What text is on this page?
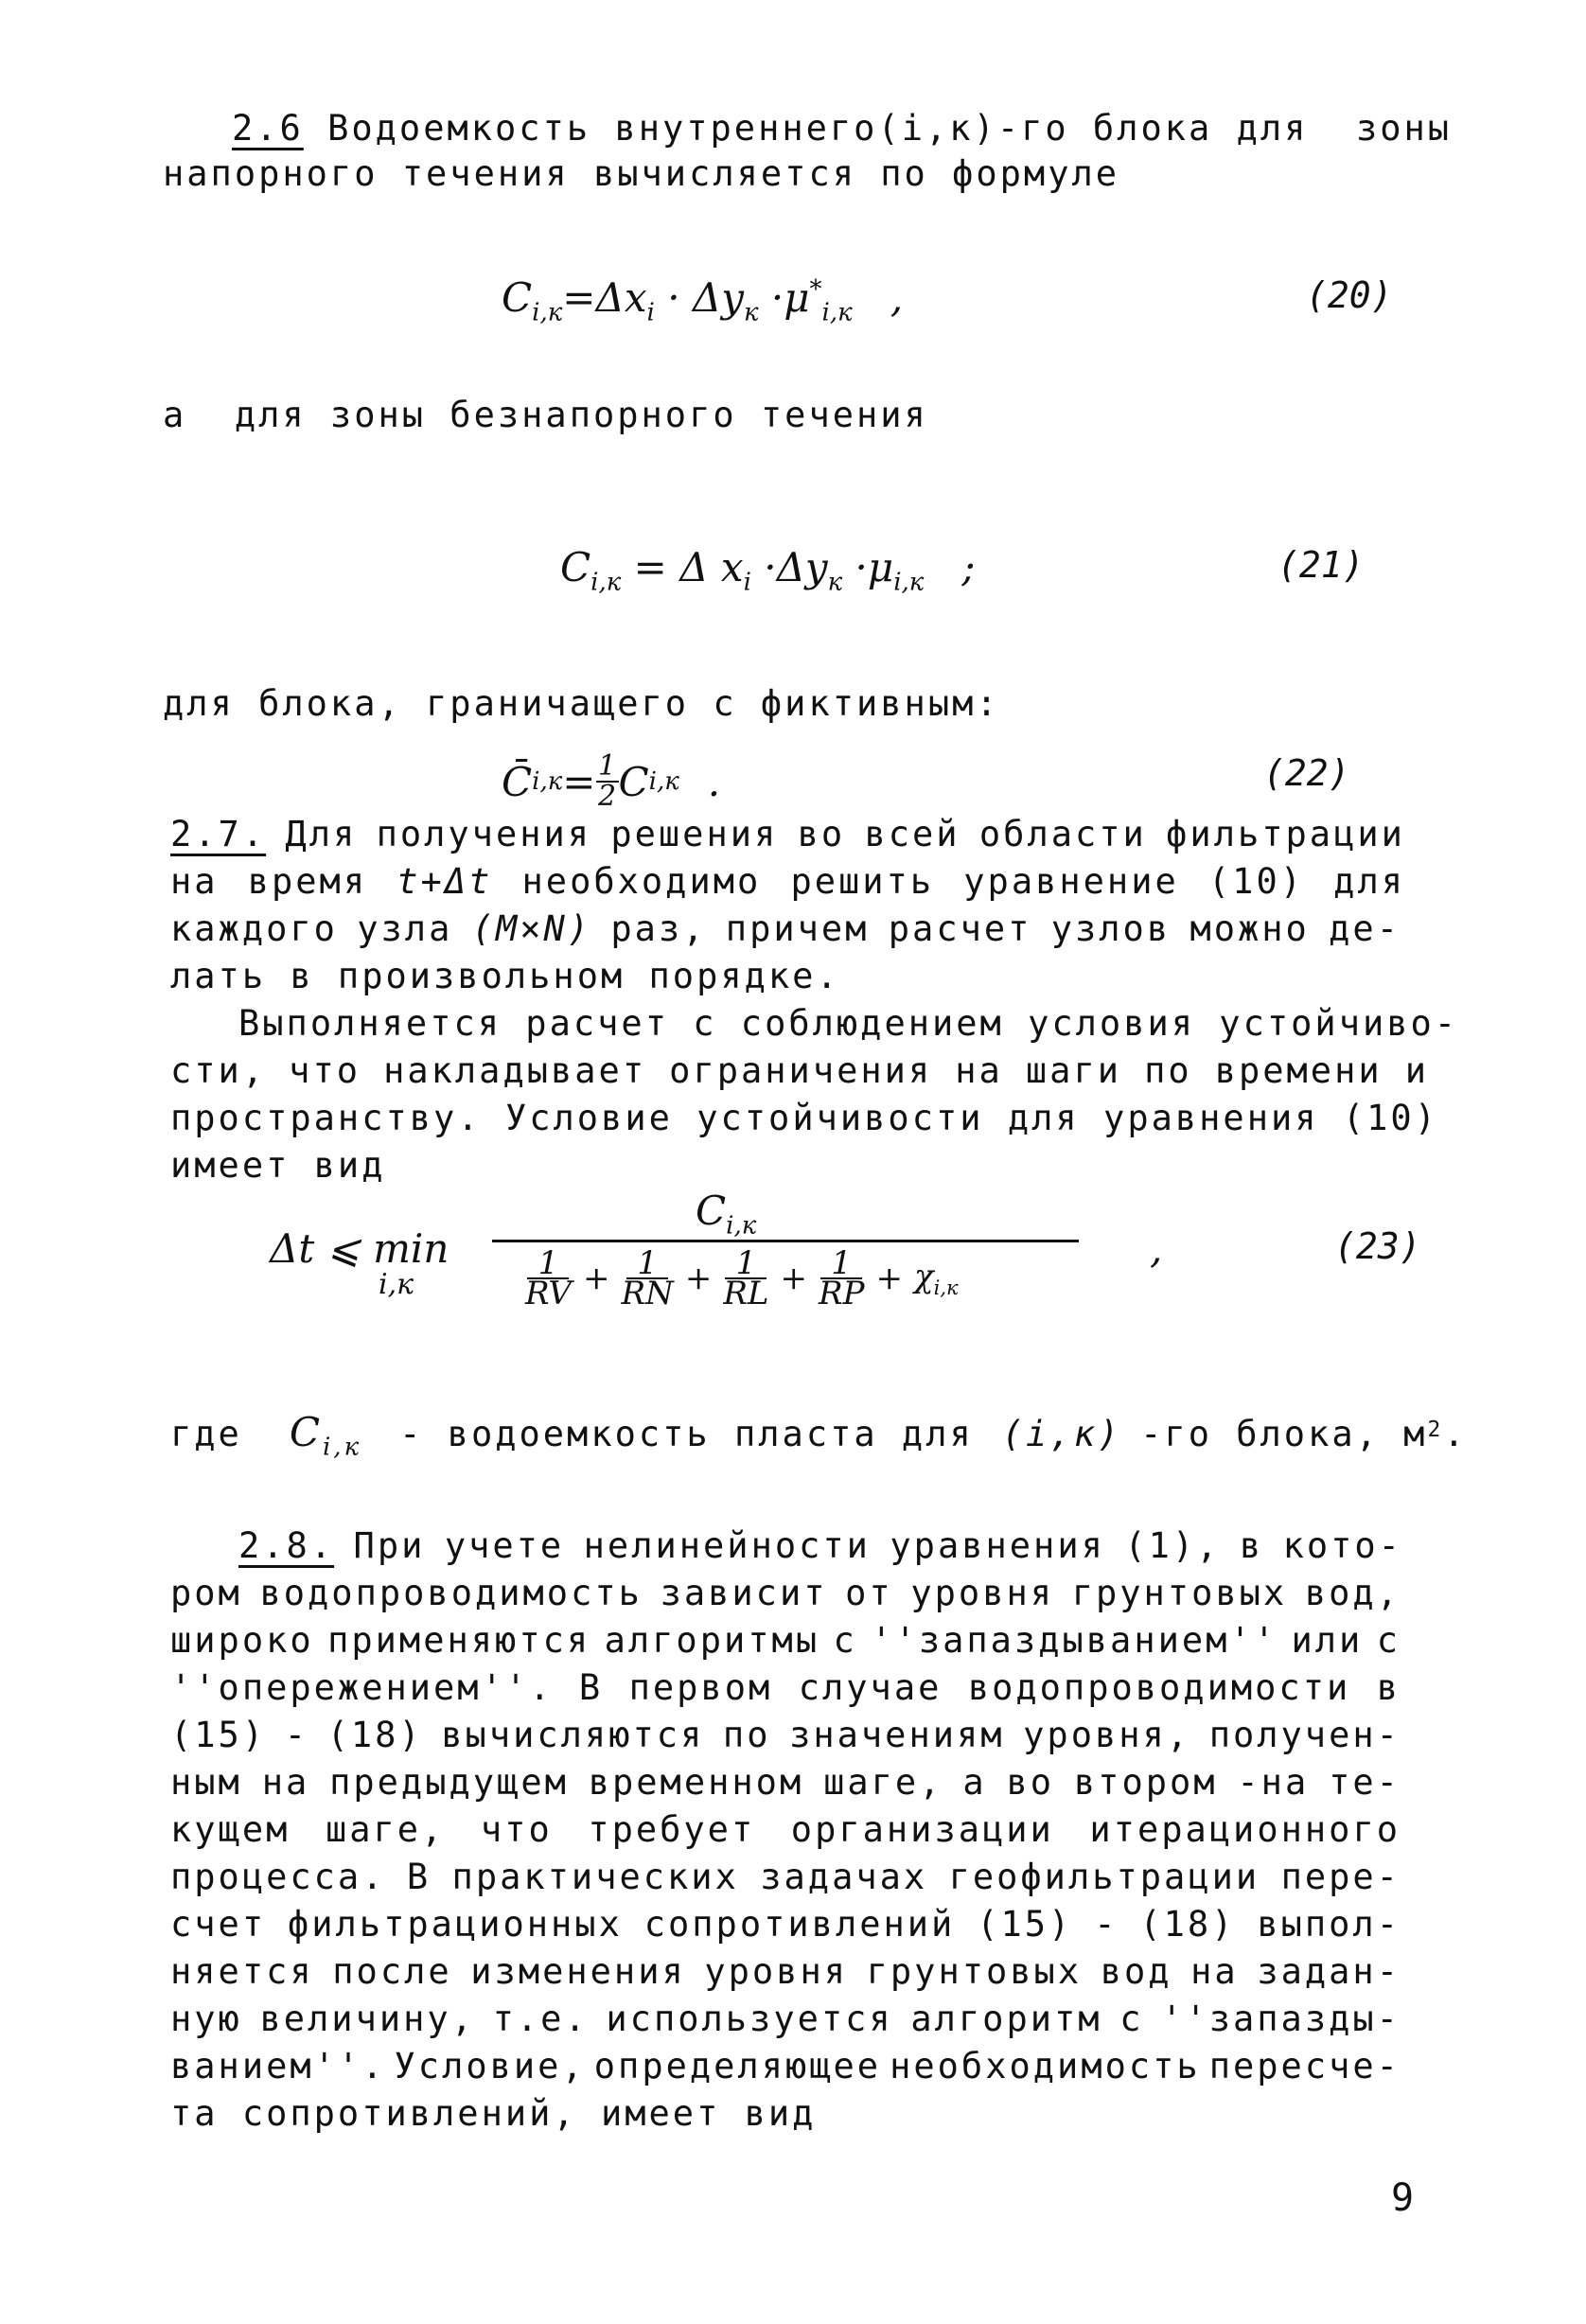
2.6 Водоемкость внутреннего(i,к)-го блока для  зоны
напорного течения вычисляется по формуле
$C_{i,к}=\Delta x_i \cdot \Delta y_к \cdot\mu^*_{i,к}$ ,	(20)
а  для зоны безнапорного течения
$C_{i,к} = \Delta$ $x_i \cdot\Delta y_к \cdot\mu_{i,к}$ ;	(21)
для блока, граничащего с фиктивным:
C̄ i,к = 1
2 C i,к .	(22)
2.7. Для получения решения во всей области фильтрации
на время t+Δt необходимо решить уравнение (10) для
каждого узла (M×N) раз, причем расчет узлов можно де-
лать в произвольном порядке.
Выполняется расчет с соблюдением условия устойчиво-
сти, что накладывает ограничения на шаги по времени и
пространству. Условие устойчивости для уравнения (10)
имеет вид
Δt ⩽ min
i,к
$C_{i,к}$
1
RV + 1
RN + 1
RL + 1
RP + $\chi_{i,к}$
,	(23)
где $C_{i,к}$ - водоемкость пласта для (i,к) -го блока, $м^2$ .
2.8. При учете нелинейности уравнения (1), в кото-
ром водопроводимость зависит от уровня грунтовых вод,
широко применяются алгоритмы с ''запаздыванием'' или с
''опережением''. В первом случае водопроводимости в
(15) - (18) вычисляются по значениям уровня, получен-
ным на предыдущем временном шаге, а во втором -на те-
кущем шаге, что требует организации итерационного
процесса. В практических задачах геофильтрации пере-
счет фильтрационных сопротивлений (15) - (18) выпол-
няется после изменения уровня грунтовых вод на задан-
ную величину, т.е. используется алгоритм с ''запазды-
ванием''. Условие, определяющее необходимость пересче-
та сопротивлений, имеет вид
9
